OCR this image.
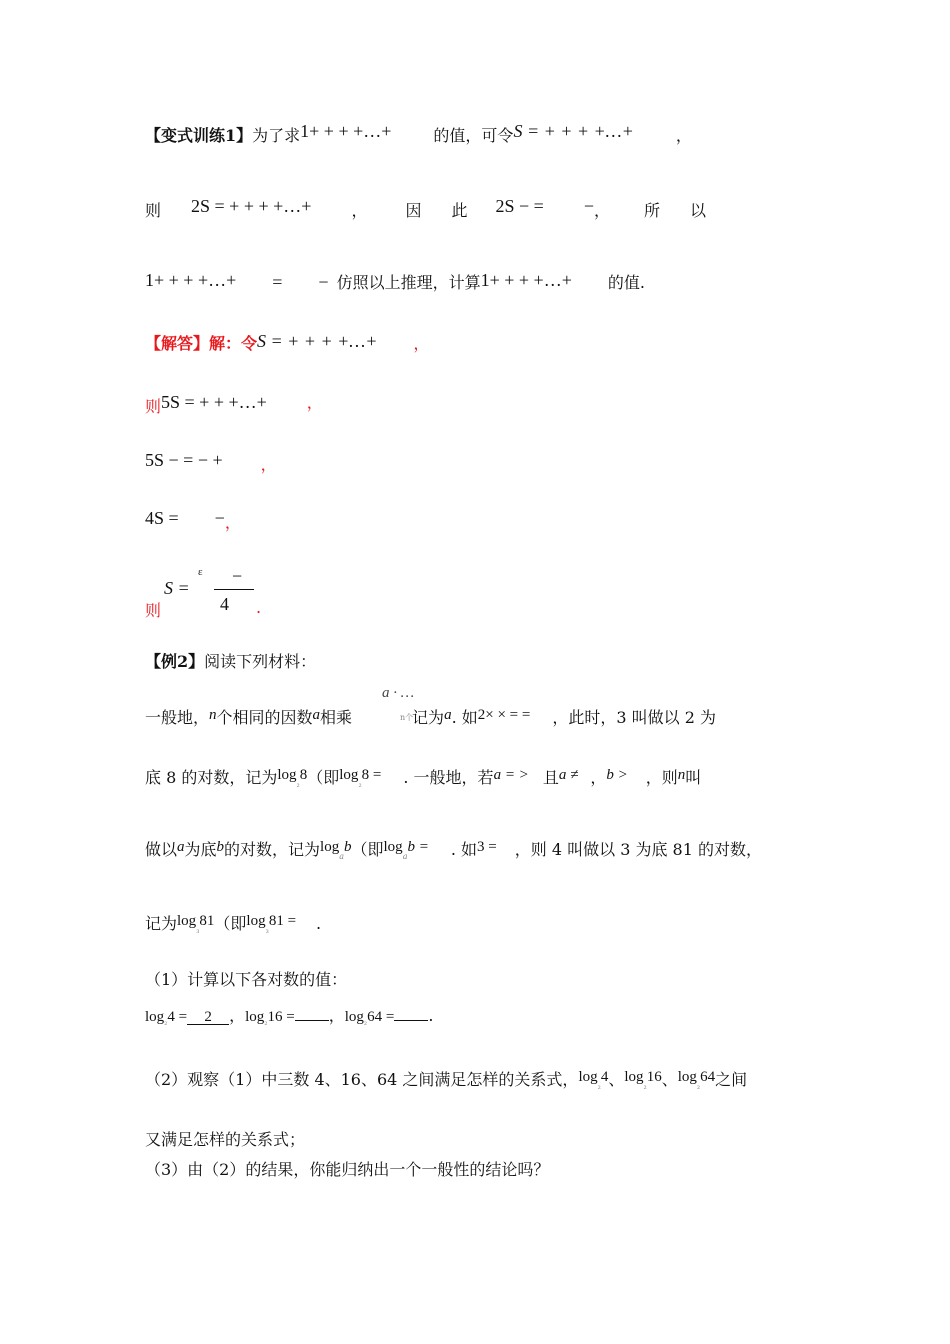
【变式训练1】为了求1+ + + +…+	的值，可令S = + + + +…+	，
则 2S = + + + +…+	， 因 此 2S − = −， 所 以
1+ + + +…+ = − 仿照以上推理，计算1+ + + +…+ 的值.
【解答】解：令S = + + + +…+ ，
则5S = + + +…+	，
5S − = − + ，
4S = −，
则
S =
ε −
4 .
【例2】阅读下列材料：
a · …
n个
一般地，n个相同的因数a相乘	记为a. 如2× × = = ，此时，3 叫做以 2 为
底 8 的对数，记为$\log_{_2}8$（即$\log_{_2}8$ = . 一般地，若a = > 且a ≠ ，b > ，则n叫
做以a为底b的对数，记为$\log_ab$（即$\log_ab$ = . 如3 = ，则 4 叫做以 3 为底 81 的对数，
记为$\log_{_3}81$（即$\log_{_3}81$ = .
（1）计算以下各对数的值：
$\log_{_2}4 = 2$ ，$\log_{_2}16$ = ，$\log_{_2}64$ = .
（2）观察（1）中三数 4、16、64 之间满足怎样的关系式，$\log_{_2}4$、$\log_{_2}16$、$\log_{_2}64$之间
又满足怎样的关系式；
（3）由（2）的结果，你能归纳出一个一般性的结论吗？
